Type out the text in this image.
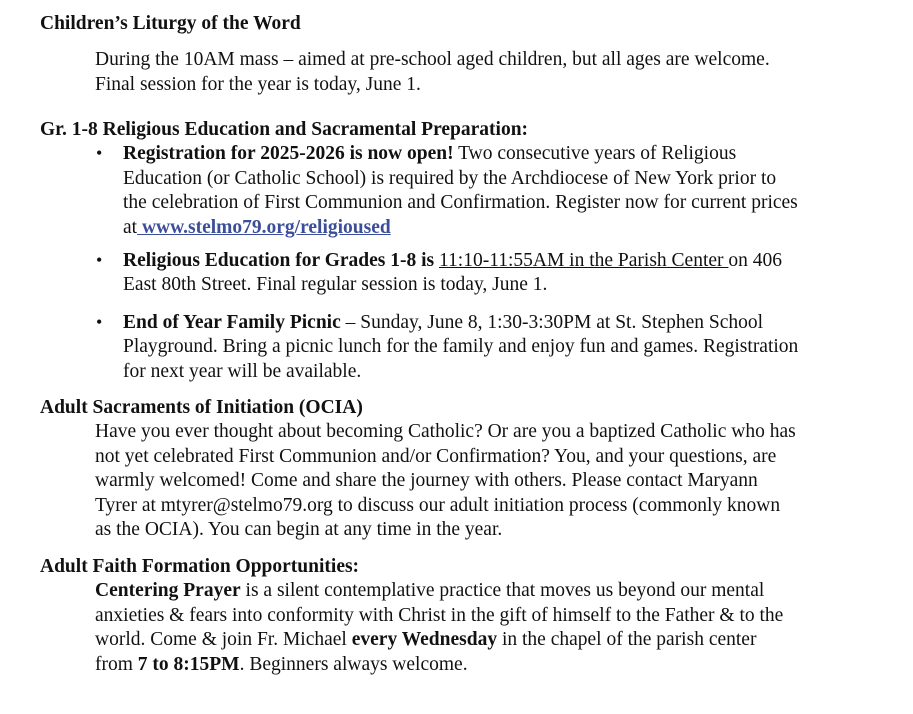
Children’s Liturgy of the Word

During the 10AM mass – aimed at pre-school aged children, but all ages are welcome.
Final session for the year is today, June 1.

Gr. 1-8 Religious Education and Sacramental Preparation:

• Registration for 2025-2026 is now open! Two consecutive years of Religious
Education (or Catholic School) is required by the Archdiocese of New York prior to
the celebration of First Communion and Confirmation. Register now for current prices
at www.stelmo79.org/religioused
• Religious Education for Grades 1-8 is 11:10-11:55AM in the Parish Center on 406
East 80th Street. Final regular session is today, June 1.
• End of Year Family Picnic – Sunday, June 8, 1:30-3:30PM at St. Stephen School
Playground. Bring a picnic lunch for the family and enjoy fun and games. Registration
for next year will be available.

Adult Sacraments of Initiation (OCIA)

Have you ever thought about becoming Catholic? Or are you a baptized Catholic who has
not yet celebrated First Communion and/or Confirmation? You, and your questions, are
warmly welcomed! Come and share the journey with others. Please contact Maryann
Tyrer at mtyrer@stelmo79.org to discuss our adult initiation process (commonly known
as the OCIA). You can begin at any time in the year.

Adult Faith Formation Opportunities:

Centering Prayer is a silent contemplative practice that moves us beyond our mental
anxieties & fears into conformity with Christ in the gift of himself to the Father & to the
world. Come & join Fr. Michael every Wednesday in the chapel of the parish center
from 7 to 8:15PM. Beginners always welcome.
